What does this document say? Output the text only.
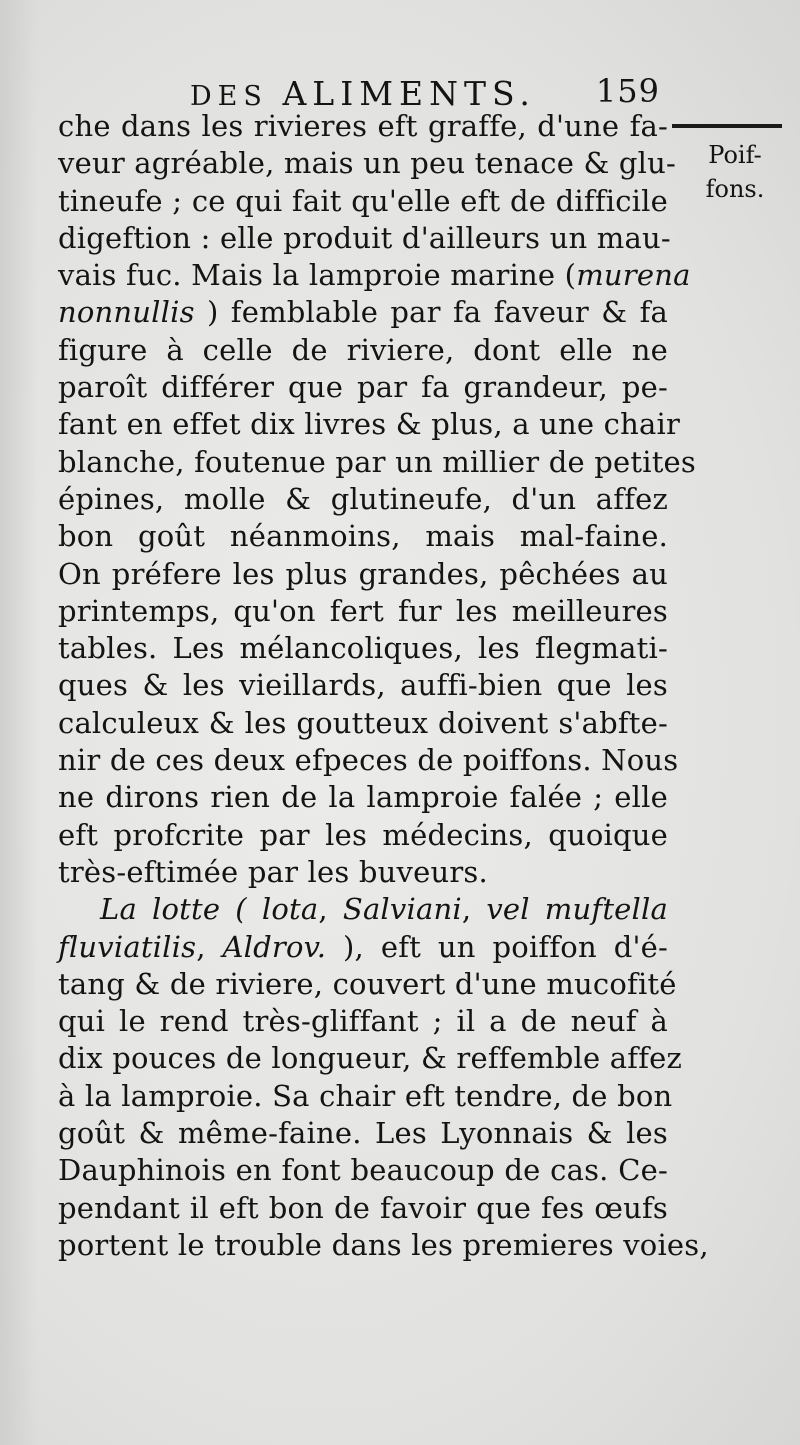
DES ALIMENTS. 159
Poif-
fons.
che dans les rivieres eft graffe, d'une fa-
veur agréable, mais un peu tenace & glu-
tineufe ; ce qui fait qu'elle eft de difficile
digeftion : elle produit d'ailleurs un mau-
vais fuc. Mais la lamproie marine (murena
nonnullis ) femblable par fa faveur & fa
figure à celle de riviere, dont elle ne
paroît différer que par fa grandeur, pe-
fant en effet dix livres & plus, a une chair
blanche, foutenue par un millier de petites
épines, molle & glutineufe, d'un affez
bon goût néanmoins, mais mal-faine.
On préfere les plus grandes, pêchées au
printemps, qu'on fert fur les meilleures
tables. Les mélancoliques, les flegmati-
ques & les vieillards, auffi-bien que les
calculeux & les goutteux doivent s'abfte-
nir de ces deux efpeces de poiffons. Nous
ne dirons rien de la lamproie falée ; elle
eft profcrite par les médecins, quoique
très-eftimée par les buveurs.
La lotte ( lota, Salviani, vel muftella
fluviatilis, Aldrov. ), eft un poiffon d'é-
tang & de riviere, couvert d'une mucofité
qui le rend très-gliffant ; il a de neuf à
dix pouces de longueur, & reffemble affez
à la lamproie. Sa chair eft tendre, de bon
goût & même-faine. Les Lyonnais & les
Dauphinois en font beaucoup de cas. Ce-
pendant il eft bon de favoir que fes œufs
portent le trouble dans les premieres voies,
